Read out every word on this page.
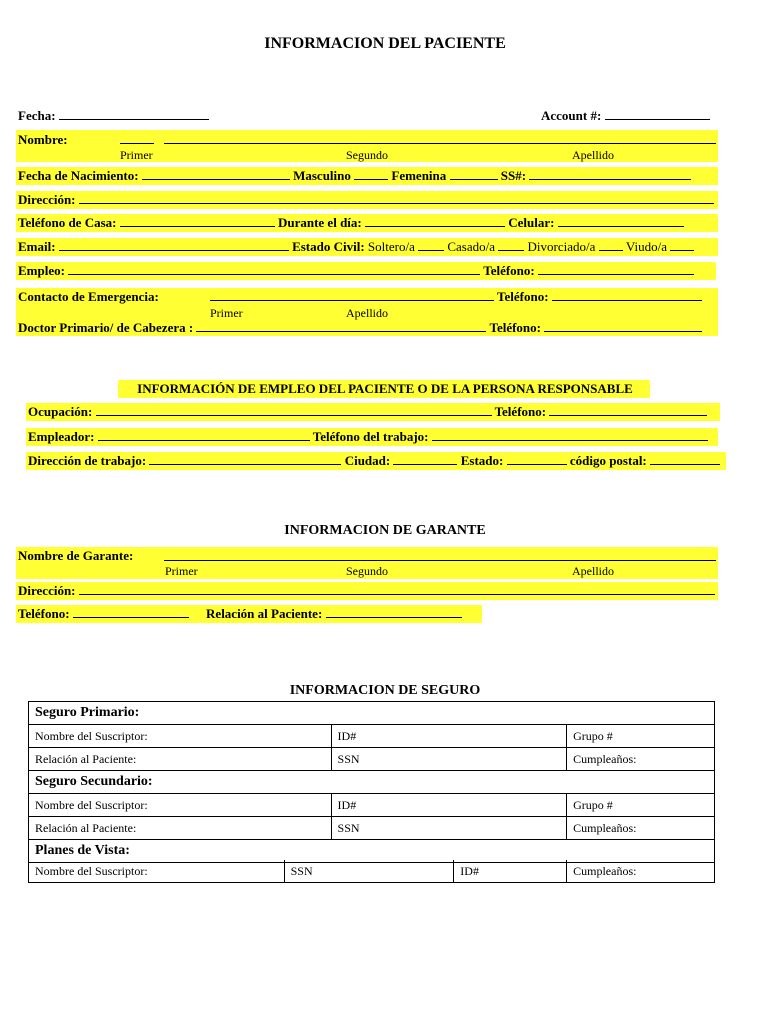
INFORMACION DEL PACIENTE
Fecha:	Account #:
Nombre:
Primer	Segundo	Apellido
Fecha de Nacimiento:	Masculino	Femenina	SS#:
Dirección:
Teléfono de Casa:	Durante el día:	Celular:
Email:	Estado Civil: Soltero/a	Casado/a	Divorciado/a Viudo/a
Empleo:	Teléfono:
Contacto de Emergencia:	Teléfono:
Primer	Apellido
Doctor Primario/ de Cabezera :	Teléfono:
INFORMACIÓN DE EMPLEO DEL PACIENTE O DE LA PERSONA RESPONSABLE
Ocupación:	Teléfono:
Empleador:	Teléfono del trabajo:
Dirección de trabajo:	Ciudad:	Estado:	código postal:
INFORMACION DE GARANTE
Nombre de Garante:
Primer	Segundo	Apellido
Dirección:
Teléfono:	Relación al Paciente:
INFORMACION DE SEGURO
Seguro Primario:		
Nombre del Suscriptor:	ID#	Grupo #
Relación al Paciente:	SSN	Cumpleaños:
Seguro Secundario:		
Nombre del Suscriptor:	ID#	Grupo #
Relación al Paciente:	SSN	Cumpleaños:
Planes de Vista:		
Nombre del Suscriptor:	SSN	ID#	Cumpleaños:
